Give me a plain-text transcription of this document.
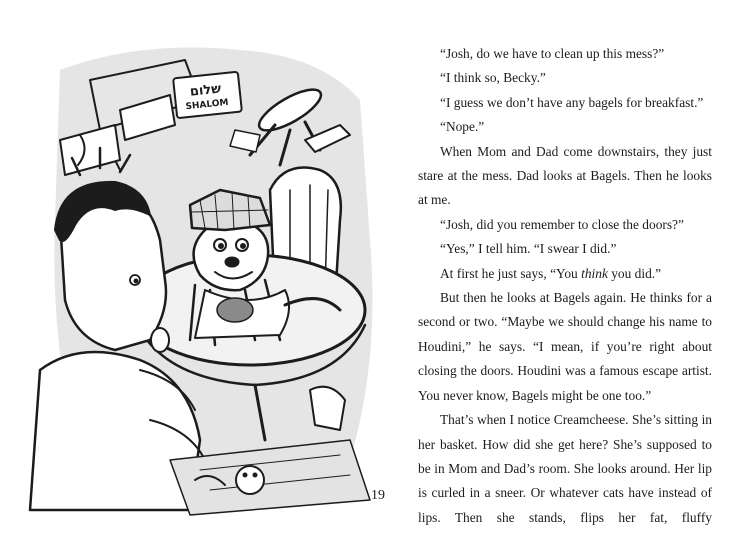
שלום
SHALOM

“Josh, do we have to clean up this mess?”

“I think so, Becky.”

“I guess we don’t have any bagels for breakfast.”

“Nope.”

When Mom and Dad come downstairs, they just stare at the mess. Dad looks at Bagels. Then he looks at me.

“Josh, did you remember to close the doors?”

“Yes,” I tell him. “I swear I did.”

At first he just says, “You think you did.”

But then he looks at Bagels again. He thinks for a second or two. “Maybe we should change his name to Houdini,” he says. “I mean, if you’re right about closing the doors. Houdini was a famous escape artist. You never know, Bagels might be one too.”

That’s when I notice Creamcheese. She’s sitting in her basket. How did she get here? She’s supposed to be in Mom and Dad’s room. She looks around. Her lip is curled in a sneer. Or whatever cats have instead of lips. Then she stands, flips her fat, fluffy

19
